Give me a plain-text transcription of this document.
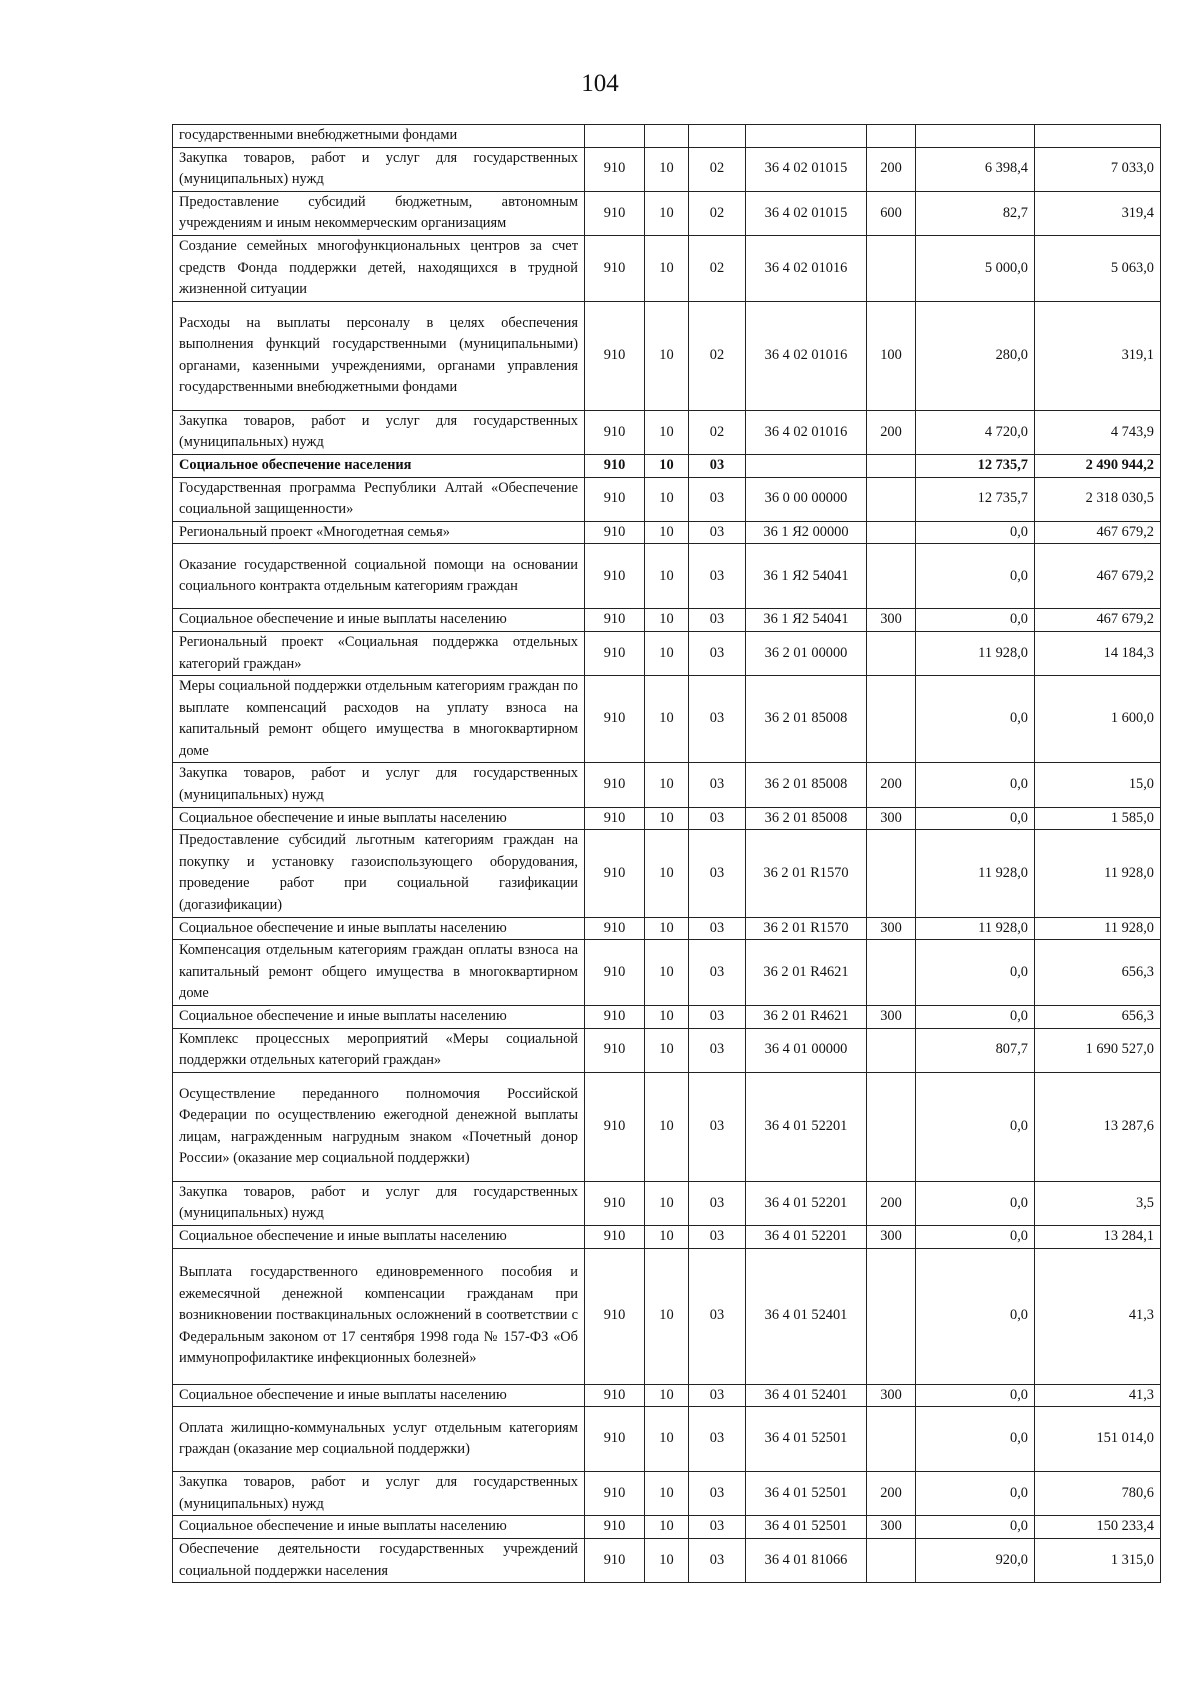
104
государственными внебюджетными фондами							
Закупка товаров, работ и услуг для государственных (муниципальных) нужд	910	10	02	36 4 02 01015	200	6 398,4	7 033,0
Предоставление субсидий бюджетным, автономным учреждениям и иным некоммерческим организациям	910	10	02	36 4 02 01015	600	82,7	319,4
Создание семейных многофункциональных центров за счет средств Фонда поддержки детей, находящихся в трудной жизненной ситуации	910	10	02	36 4 02 01016		5 000,0	5 063,0
Расходы на выплаты персоналу в целях обеспечения выполнения функций государственными (муниципальными) органами, казенными учреждениями, органами управления государственными внебюджетными фондами	910	10	02	36 4 02 01016	100	280,0	319,1
Закупка товаров, работ и услуг для государственных (муниципальных) нужд	910	10	02	36 4 02 01016	200	4 720,0	4 743,9
Социальное обеспечение населения	910	10	03			12 735,7	2 490 944,2
Государственная программа Республики Алтай «Обеспечение социальной защищенности»	910	10	03	36 0 00 00000		12 735,7	2 318 030,5
Региональный проект «Многодетная семья»	910	10	03	36 1 Я2 00000		0,0	467 679,2
Оказание государственной социальной помощи на основании социального контракта отдельным категориям граждан	910	10	03	36 1 Я2 54041		0,0	467 679,2
Социальное обеспечение и иные выплаты населению	910	10	03	36 1 Я2 54041	300	0,0	467 679,2
Региональный проект «Социальная поддержка отдельных категорий граждан»	910	10	03	36 2 01 00000		11 928,0	14 184,3
Меры социальной поддержки отдельным категориям граждан по выплате компенсаций расходов на уплату взноса на капитальный ремонт общего имущества в многоквартирном доме	910	10	03	36 2 01 85008		0,0	1 600,0
Закупка товаров, работ и услуг для государственных (муниципальных) нужд	910	10	03	36 2 01 85008	200	0,0	15,0
Социальное обеспечение и иные выплаты населению	910	10	03	36 2 01 85008	300	0,0	1 585,0
Предоставление субсидий льготным категориям граждан на покупку и установку газоиспользующего оборудования, проведение работ при социальной газификации (догазификации)	910	10	03	36 2 01 R1570		11 928,0	11 928,0
Социальное обеспечение и иные выплаты населению	910	10	03	36 2 01 R1570	300	11 928,0	11 928,0
Компенсация отдельным категориям граждан оплаты взноса на капитальный ремонт общего имущества в многоквартирном доме	910	10	03	36 2 01 R4621		0,0	656,3
Социальное обеспечение и иные выплаты населению	910	10	03	36 2 01 R4621	300	0,0	656,3
Комплекс процессных мероприятий «Меры социальной поддержки отдельных категорий граждан»	910	10	03	36 4 01 00000		807,7	1 690 527,0
Осуществление переданного полномочия Российской Федерации по осуществлению ежегодной денежной выплаты лицам, награжденным нагрудным знаком «Почетный донор России» (оказание мер социальной поддержки)	910	10	03	36 4 01 52201		0,0	13 287,6
Закупка товаров, работ и услуг для государственных (муниципальных) нужд	910	10	03	36 4 01 52201	200	0,0	3,5
Социальное обеспечение и иные выплаты населению	910	10	03	36 4 01 52201	300	0,0	13 284,1
Выплата государственного единовременного пособия и ежемесячной денежной компенсации гражданам при возникновении поствакцинальных осложнений в соответствии с Федеральным законом от 17 сентября 1998 года № 157-ФЗ «Об иммунопрофилактике инфекционных болезней»	910	10	03	36 4 01 52401		0,0	41,3
Социальное обеспечение и иные выплаты населению	910	10	03	36 4 01 52401	300	0,0	41,3
Оплата жилищно-коммунальных услуг отдельным категориям граждан (оказание мер социальной поддержки)	910	10	03	36 4 01 52501		0,0	151 014,0
Закупка товаров, работ и услуг для государственных (муниципальных) нужд	910	10	03	36 4 01 52501	200	0,0	780,6
Социальное обеспечение и иные выплаты населению	910	10	03	36 4 01 52501	300	0,0	150 233,4
Обеспечение деятельности государственных учреждений социальной поддержки населения	910	10	03	36 4 01 81066		920,0	1 315,0
